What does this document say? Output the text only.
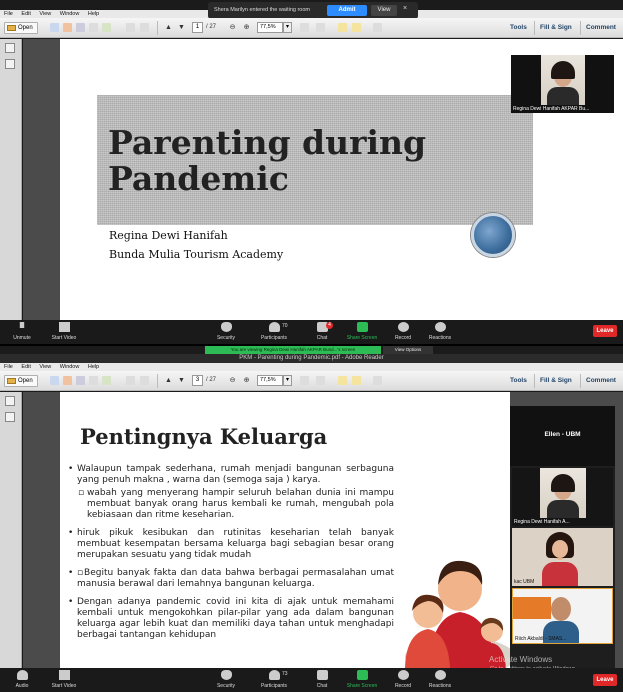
File Edit View Window Help
Shera Marilyn entered the waiting room	Admit	View	×
Open	▲ ▼	1	/ 27 ⊖ ⊕	77,5%	▾	Tools Fill & Sign Comment
Parenting during
Pandemic
Regina Dewi Hanifah
Bunda Mulia Tourism Academy
Regina Dewi Hanifah AKPAR Bu...
Unmute	Start Video	Security	Participants
70
Chat
4
Share Screen	Record	Reactions
Leave
You are viewing Regina Dewi Hanifah AKPAR Bund...'s screen	View Options
PKM - Parenting during Pandemic.pdf - Adobe Reader
File Edit View Window Help
Open	▲ ▼	3	/ 27 ⊖ ⊕	77,5%	▾	Tools Fill & Sign Comment
Pentingnya Keluarga
• Walaupun tampak sederhana, rumah menjadi bangunan serbaguna yang penuh makna , warna dan (semoga saja ) karya.
▫ wabah yang menyerang hampir seluruh belahan dunia ini mampu membuat banyak orang harus kembali ke rumah, mengubah pola kebiasaan dan ritme keseharian.
• hiruk pikuk kesibukan dan rutinitas keseharian telah banyak membuat kesempatan bersama keluarga bagi sebagian besar orang merupakan sesuatu yang tidak mudah
• ▫Begitu banyak fakta dan data bahwa berbagai permasalahan umat manusia berawal dari lemahnya bangunan keluarga.
• Dengan adanya pandemic covid ini kita di ajak untuk memahami kembali untuk mengokohkan pilar-pilar yang ada dalam bangunan keluarga agar lebih kuat dan memiliki daya tahan untuk menghadapi berbagai tantangan kehidupan
Ellen - UBM
Regina Dewi Hanifah A...
kac UBM
Riich Akbaldi - SMAS...
Activate Windows
Audio	Start Video	Security	Participants
73
Chat	Share Screen	Record	Reactions
Leave
